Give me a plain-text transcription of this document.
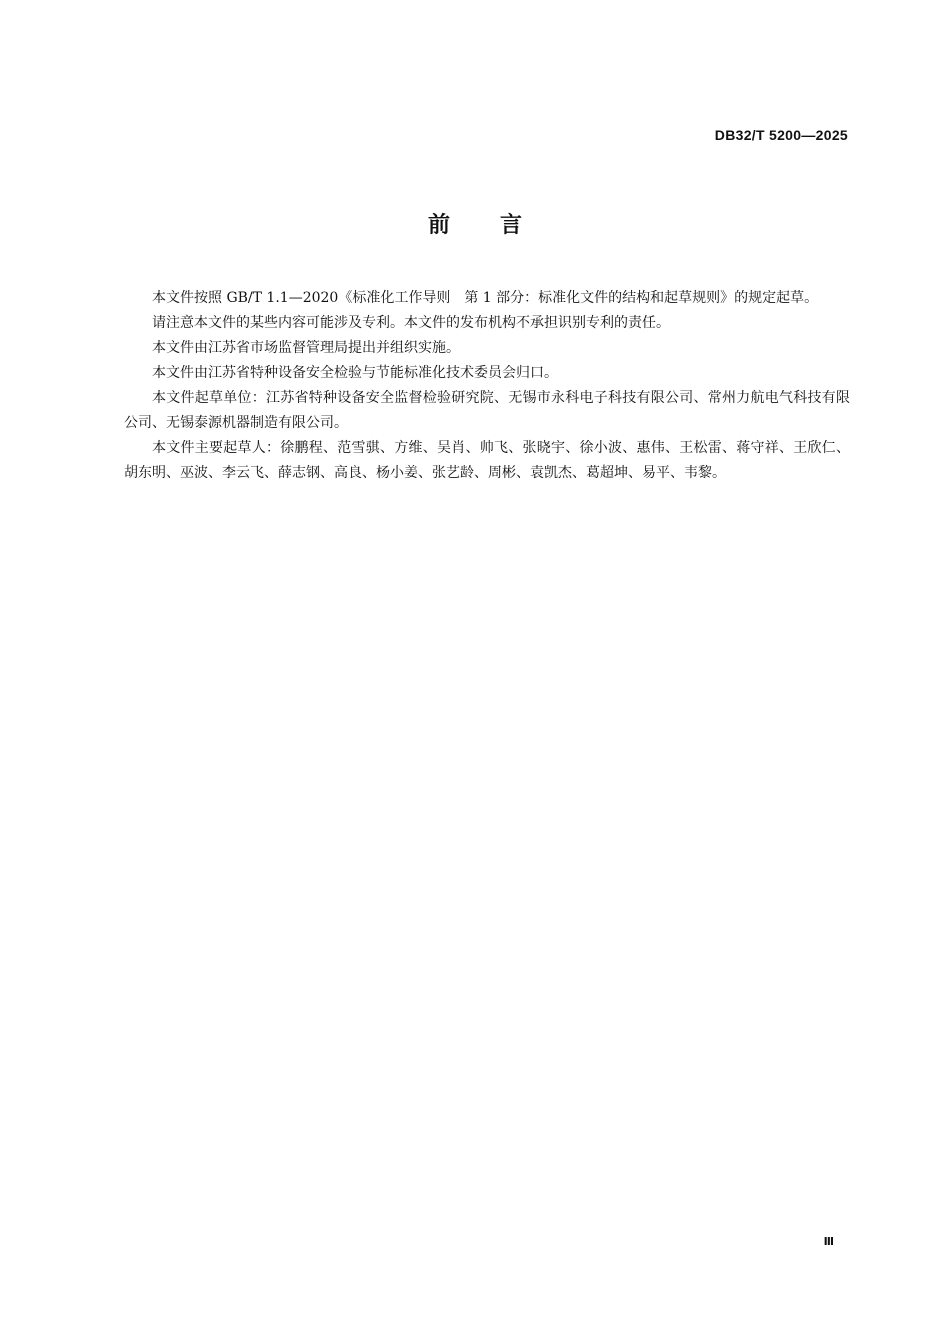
DB32/T 5200—2025
前言

本文件按照 GB/T 1.1—2020《标准化工作导则　第 1 部分：标准化文件的结构和起草规则》的规定起草。

请注意本文件的某些内容可能涉及专利。本文件的发布机构不承担识别专利的责任。

本文件由江苏省市场监督管理局提出并组织实施。

本文件由江苏省特种设备安全检验与节能标准化技术委员会归口。

本文件起草单位：江苏省特种设备安全监督检验研究院、无锡市永科电子科技有限公司、常州力航电气科技有限公司、无锡泰源机器制造有限公司。

本文件主要起草人：徐鹏程、范雪骐、方维、吴肖、帅飞、张晓宇、徐小波、惠伟、王松雷、蒋守祥、王欣仁、胡东明、巫波、李云飞、薛志钢、高良、杨小姜、张艺龄、周彬、袁凯杰、葛超坤、易平、韦黎。

Ⅲ
